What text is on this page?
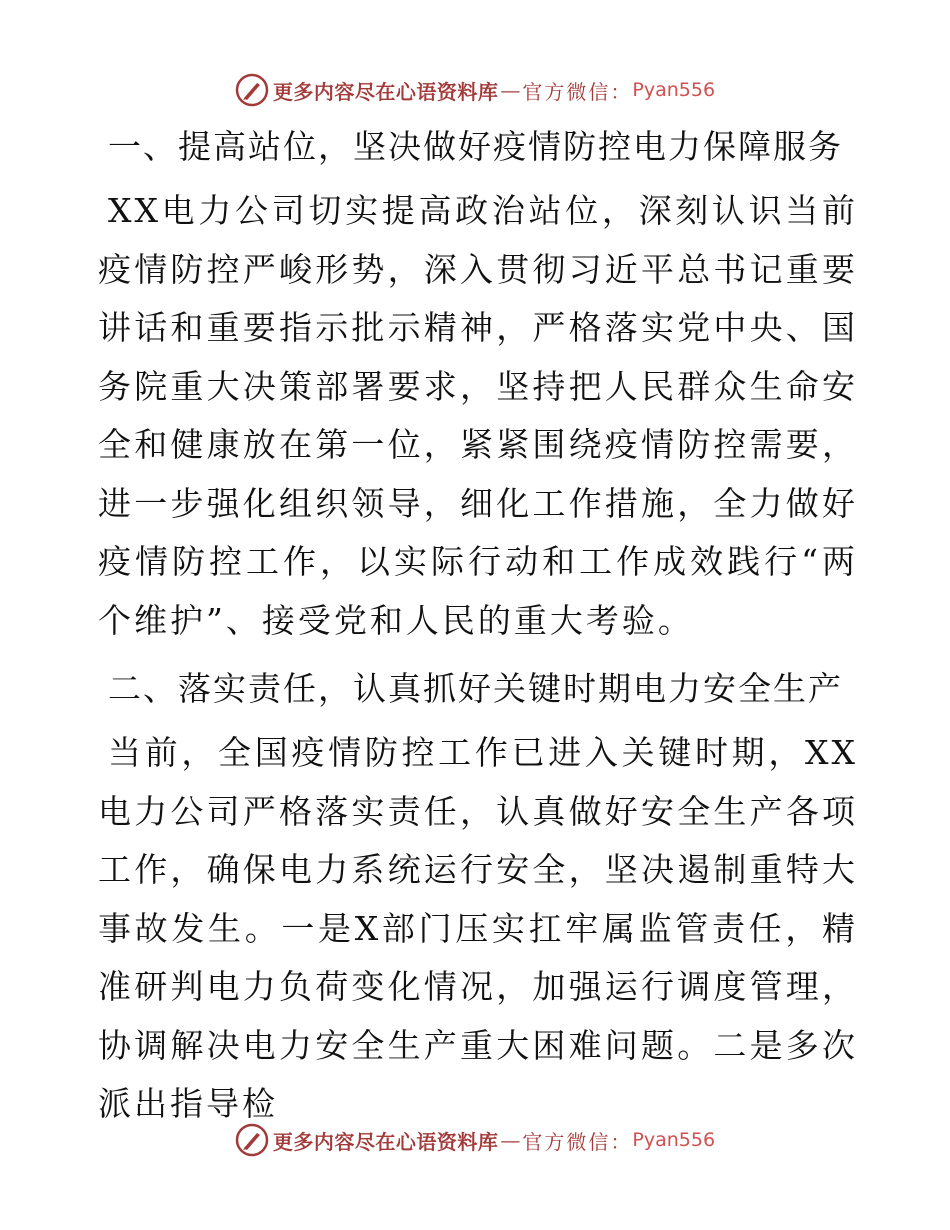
更多内容尽在心语资料库 — 官方微信： Pyan556
一、提高站位，坚决做好疫情防控电力保障服务

XX电力公司切实提高政治站位，深刻认识当前疫情防控严峻形势，深入贯彻习近平总书记重要讲话和重要指示批示精神，严格落实党中央、国务院重大决策部署要求，坚持把人民群众生命安全和健康放在第一位，紧紧围绕疫情防控需要，进一步强化组织领导，细化工作措施，全力做好疫情防控工作，以实际行动和工作成效践行“两个维护”、接受党和人民的重大考验。

二、落实责任，认真抓好关键时期电力安全生产

当前，全国疫情防控工作已进入关键时期，XX电力公司严格落实责任，认真做好安全生产各项工作，确保电力系统运行安全，坚决遏制重特大事故发生。一是X部门压实扛牢属监管责任，精准研判电力负荷变化情况，加强运行调度管理，协调解决电力安全生产重大困难问题。二是多次派出指导检

更多内容尽在心语资料库 — 官方微信： Pyan556
